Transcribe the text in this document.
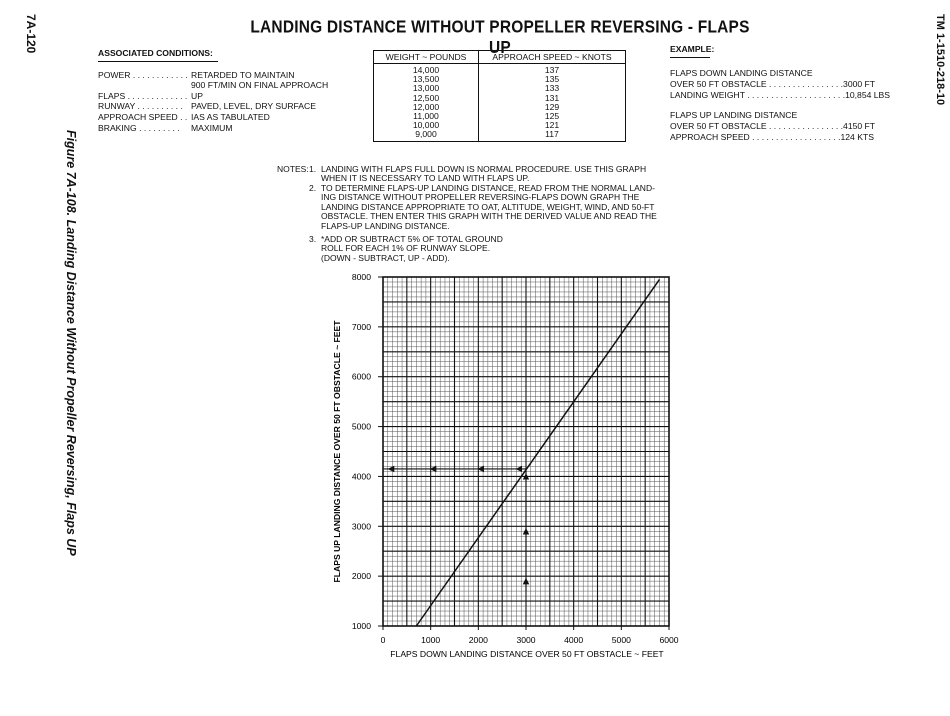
7A-120	TM 1-1510-218-10
Figure 7A-108. Landing Distance Without Propeller Reversing, Flaps UP
LANDING DISTANCE WITHOUT PROPELLER REVERSING - FLAPS UP
ASSOCIATED CONDITIONS:
POWER . . . . . . . . . . . . RETARDED TO MAINTAIN
900 FT/MIN ON FINAL APPROACH
FLAPS . . . . . . . . . . . . . UP
RUNWAY . . . . . . . . . . PAVED, LEVEL, DRY SURFACE
APPROACH SPEED . . IAS AS TABULATED
BRAKING . . . . . . . . .	MAXIMUM
WEIGHT ~ POUNDS	APPROACH SPEED ~ KNOTS
14,000	137
13,500	135
13,000	133
12,500	131
12,000	129
11,000	125
10,000	121
9,000	117
EXAMPLE:
FLAPS DOWN LANDING DISTANCE
OVER 50 FT OBSTACLE . . . . . . . . . . . . . . . . 3000 FT
LANDING WEIGHT . . . . . . . . . . . . . . . . . . . . . 10,854 LBS
FLAPS UP LANDING DISTANCE
OVER 50 FT OBSTACLE . . . . . . . . . . . . . . . . 4150 FT
APPROACH SPEED . . . . . . . . . . . . . . . . . . . 124 KTS
NOTES: 1. LANDING WITH FLAPS FULL DOWN IS NORMAL PROCEDURE. USE THIS GRAPH
WHEN IT IS NECESSARY TO LAND WITH FLAPS UP.
2. TO DETERMINE FLAPS-UP LANDING DISTANCE, READ FROM THE NORMAL LAND-
ING DISTANCE WITHOUT PROPELLER REVERSING-FLAPS DOWN GRAPH THE
LANDING DISTANCE APPROPRIATE TO OAT, ALTITUDE, WEIGHT, WIND, AND 50-FT
OBSTACLE. THEN ENTER THIS GRAPH WITH THE DERIVED VALUE AND READ THE
FLAPS-UP LANDING DISTANCE.
3. *ADD OR SUBTRACT 5% OF TOTAL GROUND
ROLL FOR EACH 1% OF RUNWAY SLOPE.
(DOWN - SUBTRACT, UP - ADD).
0	1000	2000	3000	4000	5000	6000
1000
2000
3000
4000
5000
6000
7000
8000
FLAPS DOWN LANDING DISTANCE OVER 50 FT OBSTACLE ~ FEET
FLAPS UP LANDING DISTANCE OVER 50 FT OBSTACLE ~ FEET
